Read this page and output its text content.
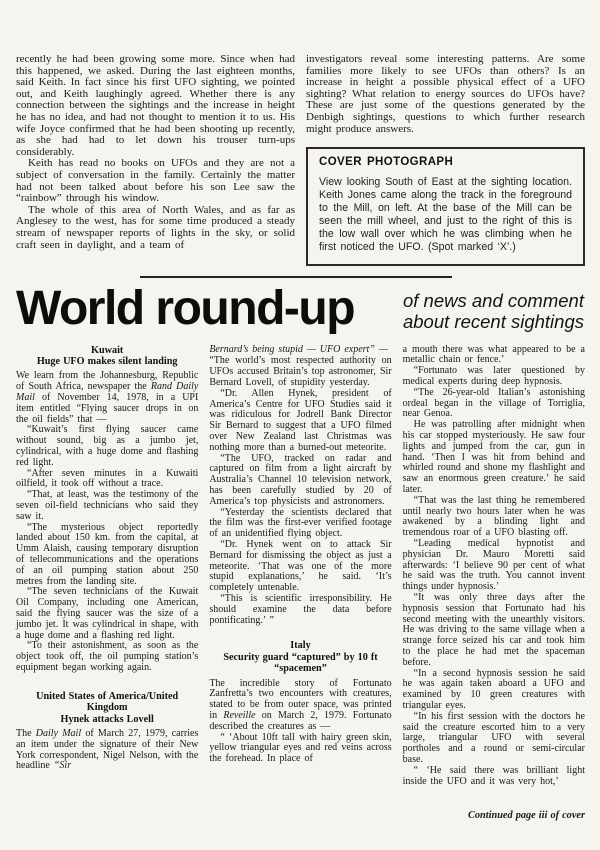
recently he had been growing some more. Since when had this happened, we asked. During the last eighteen months, said Keith. In fact since his first UFO sighting, we pointed out, and Keith laughingly agreed. Whether there is any connection between the sightings and the increase in height he has no idea, and had not thought to mention it to us. His wife Joyce confirmed that he had been shooting up recently, as she had had to let down his trouser turn-ups considerably.

Keith has read no books on UFOs and they are not a subject of conversation in the family. Certainly the matter had not been talked about before his son Lee saw the “rainbow” through his window.

The whole of this area of North Wales, and as far as Anglesey to the west, has for some time produced a steady stream of newspaper reports of lights in the sky, or solid craft seen in daylight, and a team of

investigators reveal some interesting patterns. Are some families more likely to see UFOs than others? Is an increase in height a possible physical effect of a UFO sighting? What relation to energy sources do UFOs have? These are just some of the questions generated by the Denbigh sightings, questions to which further research might produce answers.

COVER PHOTOGRAPH

View looking South of East at the sighting location. Keith Jones came along the track in the foreground to the Mill, on left. At the base of the Mill can be seen the mill wheel, and just to the right of this is the low wall over which he was climbing when he first noticed the UFO. (Spot marked ‘X’.)

World round-up	of news and comment
about recent sightings
Kuwait
Huge UFO makes silent landing

We learn from the Johannesburg, Republic of South Africa, newspaper the Rand Daily Mail of November 14, 1978, in a UPI item entitled “Flying saucer drops in on the oil fields” that —

“Kuwait’s first flying saucer came without sound, big as a jumbo jet, cylindrical, with a huge dome and flashing red light.

“After seven minutes in a Kuwaiti oilfield, it took off without a trace.

“That, at least, was the testimony of the seven oil-field technicians who said they saw it.

“The mysterious object reportedly landed about 150 km. from the capital, at Umm Alaish, causing temporary disruption of tellecommunications and the operations of an oil pumping station about 250 metres from the landing site.

“The seven technicians of the Kuwait Oil Company, including one American, said the flying saucer was the size of a jumbo jet. It was cylindrical in shape, with a huge dome and a flashing red light.

“To their astonishment, as soon as the object took off, the oil pumping station’s equipment began working again.

United States of America/United
Kingdom
Hynek attacks Lovell

The Daily Mail of March 27, 1979, carries an item under the signature of their New York correspondent, Nigel Nelson, with the headline “Sir

Bernard’s being stupid — UFO expert” —

“The world’s most respected authority on UFOs accused Britain’s top astronomer, Sir Bernard Lovell, of stupidity yesterday.

“Dr. Allen Hynek, president of America’s Centre for UFO Studies said it was ridiculous for Jodrell Bank Director Sir Bernard to suggest that a UFO filmed over New Zealand last Christmas was nothing more than a burned-out meteorite.

“The UFO, tracked on radar and captured on film from a light aircraft by Australia’s Channel 10 television network, has been carefully studied by 20 of America’s top physicists and astronomers.

“Yesterday the scientists declared that the film was the first-ever verified footage of an unidentified flying object.

“Dr. Hynek went on to attack Sir Bernard for dismissing the object as just a meteorite. ‘That was one of the more stupid explanations,’ he said. ‘It’s completely untenable.

“This is scientific irresponsibility. He should examine the data before pontificating.’ ”

Italy
Security guard “captured” by 10 ft
“spacemen”

The incredible story of Fortunato Zanfretta’s two encounters with creatures, stated to be from outer space, was printed in Reveille on March 2, 1979. Fortunato described the creatures as —

“ ‘About 10ft tall with hairy green skin, yellow triangular eyes and red veins across the forehead. In place of

a mouth there was what appeared to be a metallic chain or fence.’

“Fortunato was later questioned by medical experts during deep hypnosis.

“The 26-year-old Italian’s astonishing ordeal began in the village of Torriglia, near Genoa.

He was patrolling after midnight when his car stopped mysteriously. He saw four lights and jumped from the car, gun in hand. ‘Then I was hit from behind and whirled round and shone my flashlight and saw an enormous green creature.’ he said later.

“That was the last thing he remembered until nearly two hours later when he was awakened by a blinding light and tremendous roar of a UFO blasting off.

“Leading medical hypnotist and physician Dr. Mauro Moretti said afterwards: ‘I believe 90 per cent of what he said was the truth. You cannot invent things under hypnosis.’

“It was only three days after the hypnosis session that Fortunato had his second meeting with the unearthly visitors. He was driving to the same village when a strange force seized his car and took him to the place he had met the spaceman before.

“In a second hypnosis session he said he was again taken aboard a UFO and examined by 10 green creatures with triangular eyes.

“In his first session with the doctors he said the creature escorted him to a very large, triangular UFO with several portholes and a round or semi-circular base.

“ ‘He said there was brilliant light inside the UFO and it was very hot,’

Continued page iii of cover
